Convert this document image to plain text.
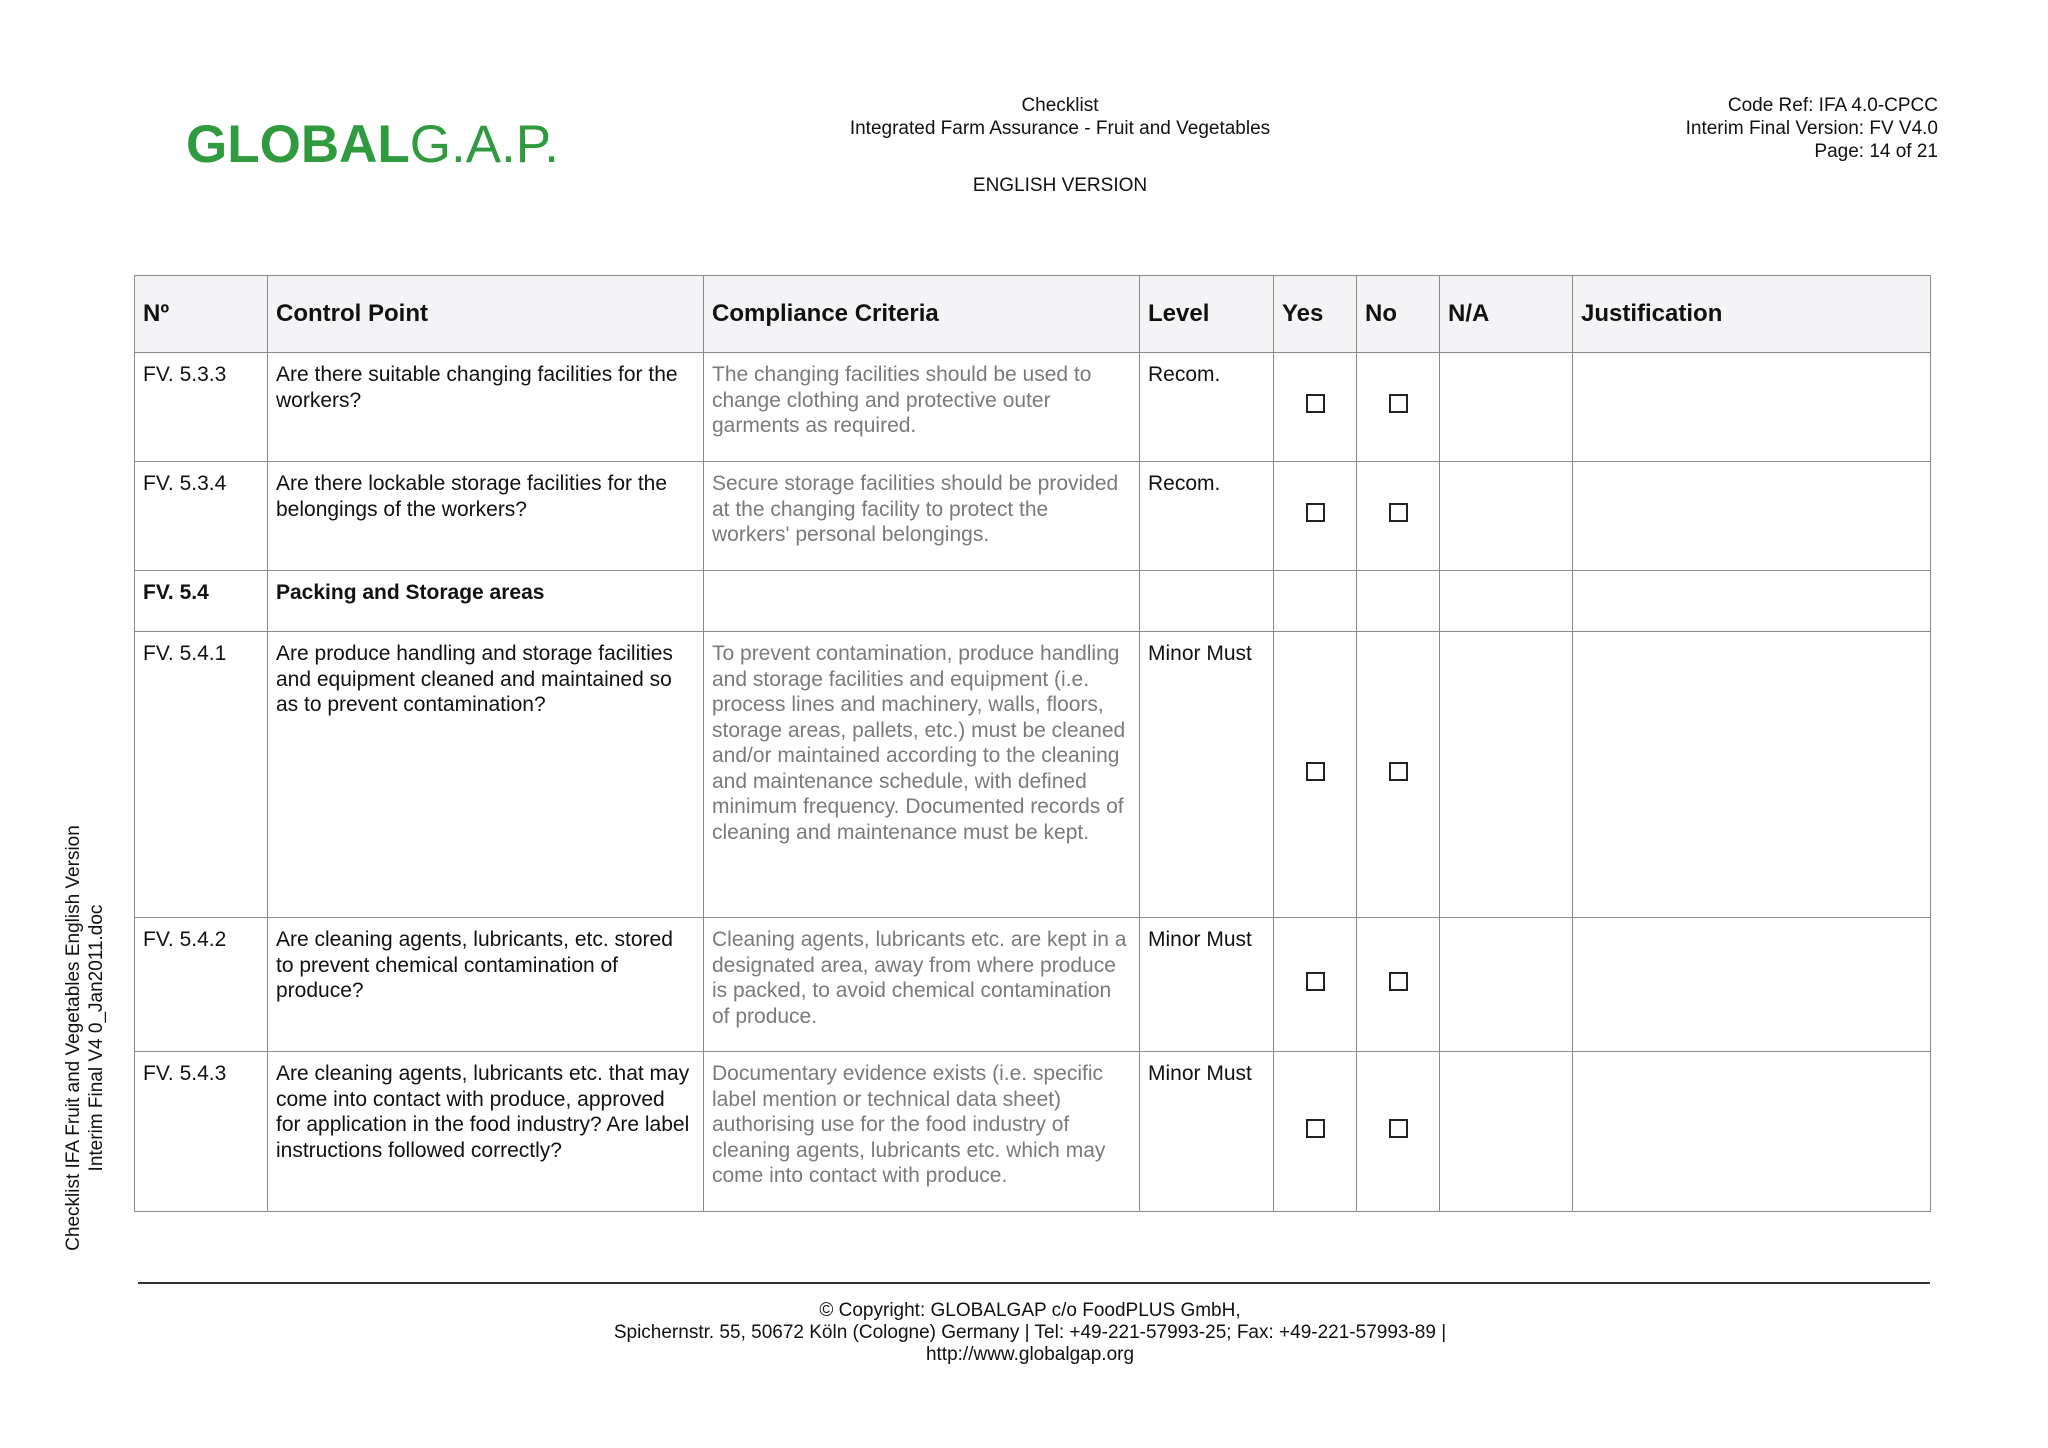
GLOBALG.A.P.
Checklist
Integrated Farm Assurance - Fruit and Vegetables
ENGLISH VERSION
Code Ref: IFA 4.0-CPCC
Interim Final Version: FV V4.0
Page: 14 of 21
Checklist IFA Fruit and Vegetables English Version Interim Final V4 0_Jan2011.doc
Nº	Control Point	Compliance Criteria	Level	Yes	No	N/A	Justification
FV. 5.3.3	Are there suitable changing facilities for the workers?	The changing facilities should be used to change clothing and protective outer garments as required.	Recom.				
FV. 5.3.4	Are there lockable storage facilities for the belongings of the workers?	Secure storage facilities should be provided at the changing facility to protect the workers' personal belongings.	Recom.				
FV. 5.4	Packing and Storage areas						
FV. 5.4.1	Are produce handling and storage facilities and equipment cleaned and maintained so as to prevent contamination?	To prevent contamination, produce handling and storage facilities and equipment (i.e. process lines and machinery, walls, floors, storage areas, pallets, etc.) must be cleaned and/or maintained according to the cleaning and maintenance schedule, with defined minimum frequency. Documented records of cleaning and maintenance must be kept.	Minor Must				
FV. 5.4.2	Are cleaning agents, lubricants, etc. stored to prevent chemical contamination of produce?	Cleaning agents, lubricants etc. are kept in a designated area, away from where produce is packed, to avoid chemical contamination of produce.	Minor Must				
FV. 5.4.3	Are cleaning agents, lubricants etc. that may come into contact with produce, approved for application in the food industry? Are label instructions followed correctly?	Documentary evidence exists (i.e. specific label mention or technical data sheet) authorising use for the food industry of cleaning agents, lubricants etc. which may come into contact with produce.	Minor Must				
© Copyright: GLOBALGAP c/o FoodPLUS GmbH,
Spichernstr. 55, 50672 Köln (Cologne) Germany | Tel: +49-221-57993-25; Fax: +49-221-57993-89 |
http://www.globalgap.org
